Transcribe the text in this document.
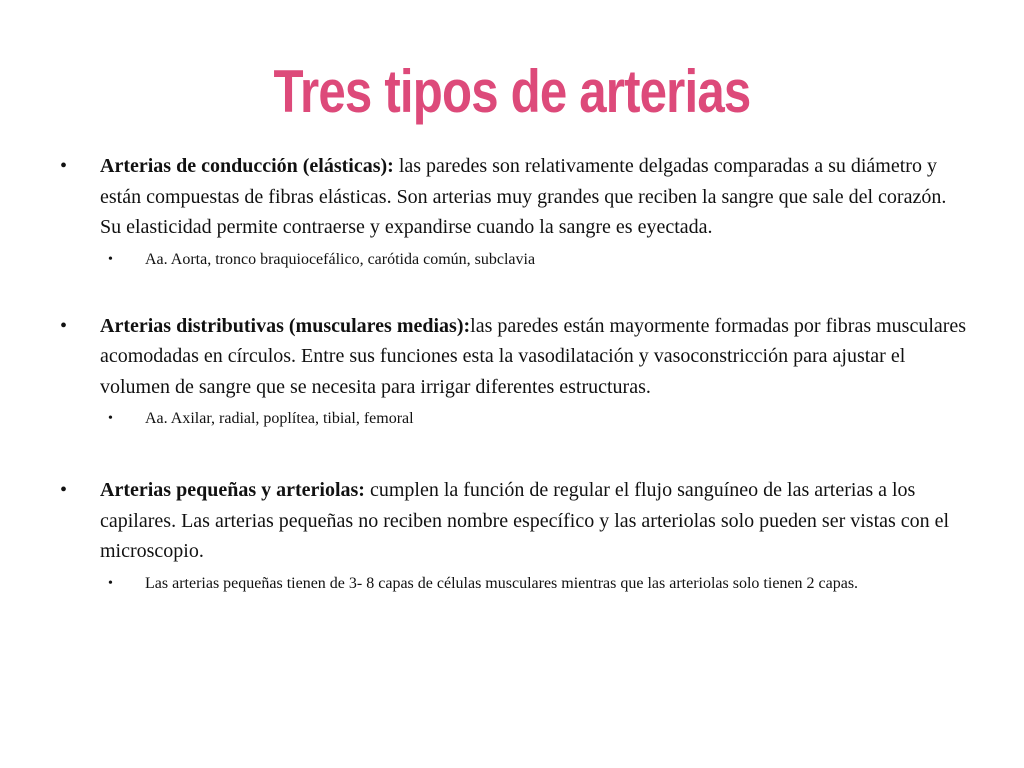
Tres tipos de arterias
• Arterias de conducción (elásticas): las paredes son relativamente delgadas comparadas a su diámetro y están compuestas de fibras elásticas. Son arterias muy grandes que reciben la sangre que sale del corazón. Su elasticidad permite contraerse y expandirse cuando la sangre es eyectada.
• Aa. Aorta, tronco braquiocefálico, carótida común, subclavia
• Arterias distributivas (musculares medias):las paredes están mayormente formadas por fibras musculares acomodadas en círculos. Entre sus funciones esta la vasodilatación y vasoconstricción para ajustar el volumen de sangre que se necesita para irrigar diferentes estructuras.
• Aa. Axilar, radial, poplítea, tibial, femoral
• Arterias pequeñas y arteriolas: cumplen la función de regular el flujo sanguíneo de las arterias a los capilares. Las arterias pequeñas no reciben nombre específico y las arteriolas solo pueden ser vistas con el microscopio.
• Las arterias pequeñas tienen de 3- 8 capas de células musculares mientras que las arteriolas solo tienen 2 capas.
